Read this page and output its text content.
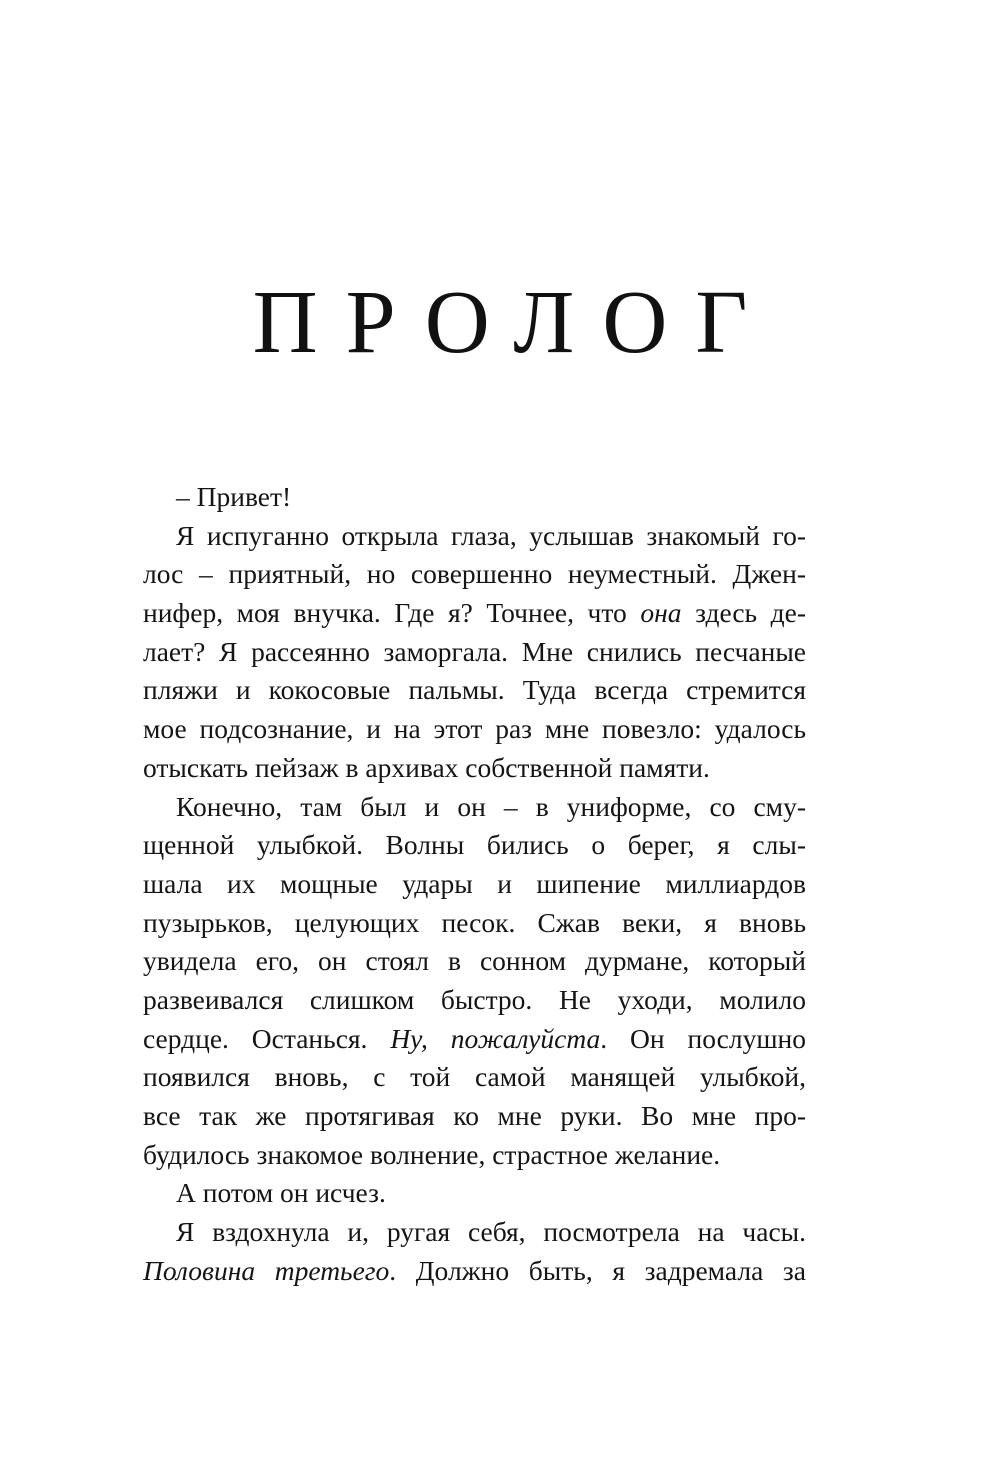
ПРОЛОГ
– Привет!
Я испуганно открыла глаза, услышав знакомый го-
лос – приятный, но совершенно неуместный. Джен-
нифер, моя внучка. Где я? Точнее, что она здесь де-
лает? Я рассеянно заморгала. Мне снились песчаные
пляжи и кокосовые пальмы. Туда всегда стремится
мое подсознание, и на этот раз мне повезло: удалось
отыскать пейзаж в архивах собственной памяти.
Конечно, там был и он – в униформе, со сму-
щенной улыбкой. Волны бились о берег, я слы-
шала их мощные удары и шипение миллиардов
пузырьков, целующих песок. Сжав веки, я вновь
увидела его, он стоял в сонном дурмане, который
развеивался слишком быстро. Не уходи, молило
сердце. Останься. Ну, пожалуйста. Он послушно
появился вновь, с той самой манящей улыбкой,
все так же протягивая ко мне руки. Во мне про-
будилось знакомое волнение, страстное желание.
А потом он исчез.
Я вздохнула и, ругая себя, посмотрела на часы.
Половина третьего. Должно быть, я задремала за
